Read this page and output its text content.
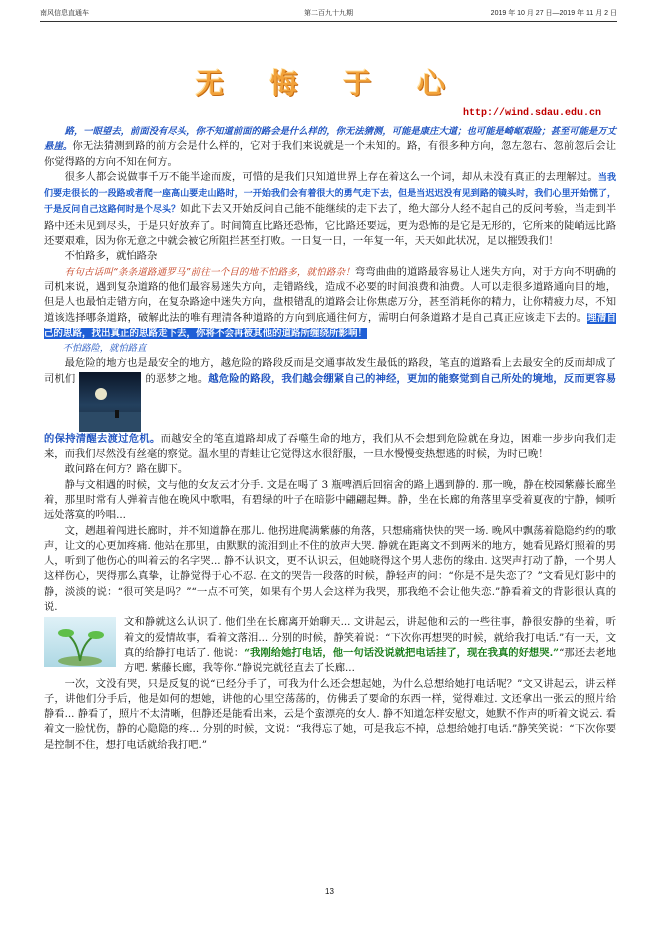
南风信息直通车	第二百九十九期	2019 年 10 月 27 日—2019 年 11 月 2 日
无 悔 于 心
http://wind.sdau.edu.cn

路，一眼望去，前面没有尽头，你不知道前面的路会是什么样的，你无法猜测，可能是康庄大道；也可能是崎岖艰险；甚至可能是万丈悬崖。你无法猜测到路的前方会是什么样的，它对于我们来说就是一个未知的。路，有很多种方向，忽左忽右、忽前忽后会让你觉得路的方向不知在何方。

很多人都会说做事千万不能半途而废，可惜的是我们只知道世界上存在着这么一个词，却从未没有真正的去理解过。当我们要走很长的一段路或者爬一座高山要走山路时，一开始我们会有着很大的勇气走下去，但是当迟迟没有见到路的镜头时，我们心里开始慌了，于是反问自己这路何时是个尽头？如此下去又开始反问自己能不能继续的走下去了，绝大部分人经不起自己的反问考验，当走到半路中还未见到尽头，于是只好放弃了。时间简直比路还恐怖，它比路还要远，更为恐怖的是它是无形的，它所来的陡峭远比路还要艰难，因为你无意之中就会被它所阻拦甚至打败。一日复一日，一年复一年，天天如此状况，足以摧毁我们！

不怕路多，就怕路杂

有句古话叫“条条道路通罗马”前往一个目的地不怕路多，就怕路杂！弯弯曲曲的道路最容易让人迷失方向，对于方向不明确的司机来说，遇到复杂道路的他们最容易迷失方向，走错路线，造成不必要的时间浪费和油费。人可以走很多道路通向目的地，但是人也最怕走错方向，在复杂路途中迷失方向，盘根错乱的道路会让你焦虑万分，甚至消耗你的精力，让你精疲力尽，不知道该选择哪条道路，破解此法的唯有理清各种道路的方向到底通往何方，需明白何条道路才是自己真正应该走下去的。理清自己的思路，找出真正的思路走下去，你将不会再被其他的道路所缠绕所影响！

不怕路险，就怕路直

最危险的地方也是最安全的地方，越危险的路段反而是交通事故发生最低的路段，笔直的道路看上去最安全的反而却成了司机们	的恶梦之地。越危险的路段，我们越会绷紧自己的神经，更加的能察觉到自己所处的境地，反而更容易的保持清醒去渡过危机。而越安全的笔直道路却成了吞噬生命的地方，我们从不会想到危险就在身边，困难一步步向我们走来，而我们尽然没有丝毫的察觉。温水里的青蛙让它觉得这水很舒服，一旦水慢慢变热想逃的时候，为时已晚！

敢问路在何方？路在脚下。

静与文相遇的时候，文与他的女友云才分手. 文是在喝了 3 瓶啤酒后回宿舍的路上遇到静的. 那一晚，静在校园紫藤长廊坐着，那里时常有人弹着吉他在晚风中歌唱，有碧绿的叶子在暗影中翩翩起舞。静，坐在长廊的角落里享受着夏夜的宁静，倾听远处落寞的吟唱...

文，趔趄着闯进长廊时，并不知道静在那儿. 他拐进爬满紫藤的角落，只想痛痛快快的哭一场. 晚风中飘荡着隐隐约约的歌声，让文的心更加疼痛. 他站在那里，由默默的流泪到止不住的放声大哭. 静就在距离文不到两米的地方，她看见路灯照着的男人，听到了他伤心的叫着云的名字哭... 静不认识文，更不认识云，但她晓得这个男人悲伤的缘由. 这哭声打动了静，一个男人这样伤心，哭得那么真挚，让静觉得于心不忍. 在文的哭告一段落的时候，静轻声的问：“你是不是失恋了？”文看见灯影中的静，淡淡的说：“很可笑是吗？”“一点不可笑，如果有个男人会这样为我哭，那我绝不会让他失恋.”静看着文的背影很认真的说.

文和静就这么认识了. 他们坐在长廊离开始聊天... 文讲起云，讲起他和云的一些往事，静很安静的坐着，听着文的爱情故事，看着文落泪... 分别的时候，静笑着说：“下次你再想哭的时候，就给我打电话.”有一天，文真的给静打电话了. 他说：“我刚给她打电话，他一句话没说就把电话挂了，现在我真的好想哭.”“那还去老地方吧. 紫藤长廊，我等你.”静说完就径直去了长廊...

一次，文没有哭，只是反复的说“已经分手了，可我为什么还会想起她，为什么总想给她打电话呢？”文又讲起云，讲云样子，讲他们分手后，他是如何的想她，讲他的心里空荡荡的，仿佛丢了要命的东西一样，觉得难过. 文还拿出一张云的照片给静看... 静看了，照片不太清晰，但静还是能看出来，云是个蛮漂亮的女人. 静不知道怎样安慰文，她默不作声的听着文说云. 看着文一脸忧伤，静的心隐隐的疼... 分别的时候，文说：“我得忘了她，可是我忘不掉，总想给她打电话.”静笑笑说：“下次你要是控制不住，想打电话就给我打吧.”

13
